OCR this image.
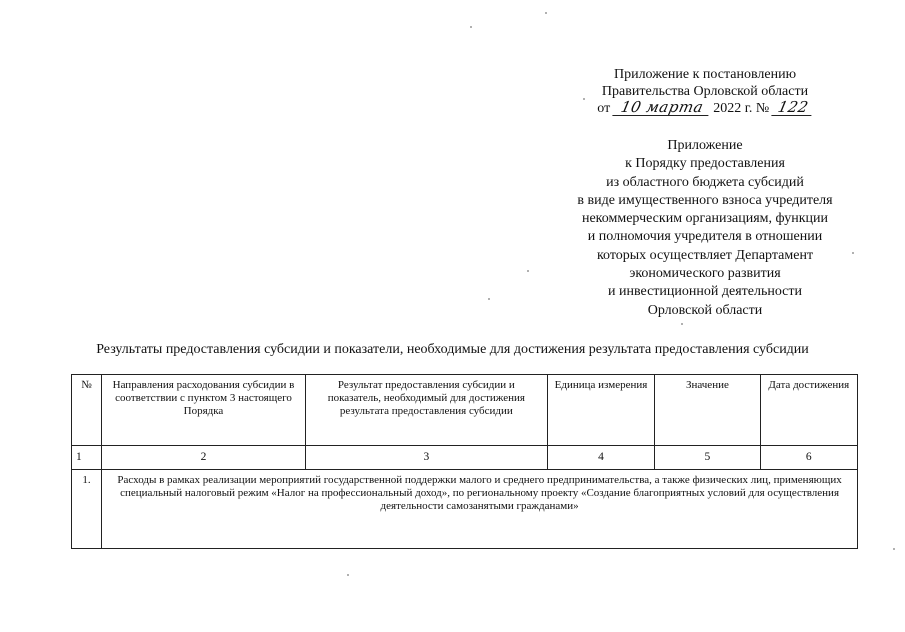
Приложение к постановлению
Правительства Орловской области
от 10 марта 2022 г. № 122
Приложение
к Порядку предоставления
из областного бюджета субсидий
в виде имущественного взноса учредителя
некоммерческим организациям, функции
и полномочия учредителя в отношении
которых осуществляет Департамент
экономического развития
и инвестиционной деятельности
Орловской области
Результаты предоставления субсидии и показатели, необходимые для достижения результата предоставления субсидии
№	Направления расходования субсидии в соответствии с пунктом 3 настоящего Порядка	Результат предоставления субсидии и показатель, необходимый для достижения результата предоставления субсидии	Единица измерения	Значение	Дата достижения
1	2	3	4	5	6
1.	Расходы в рамках реализации мероприятий государственной поддержки малого и среднего предпринимательства, а также физических лиц, применяющих специальный налоговый режим «Налог на профессиональный доход», по региональному проекту «Создание благоприятных условий для осуществления деятельности самозанятыми гражданами»				
